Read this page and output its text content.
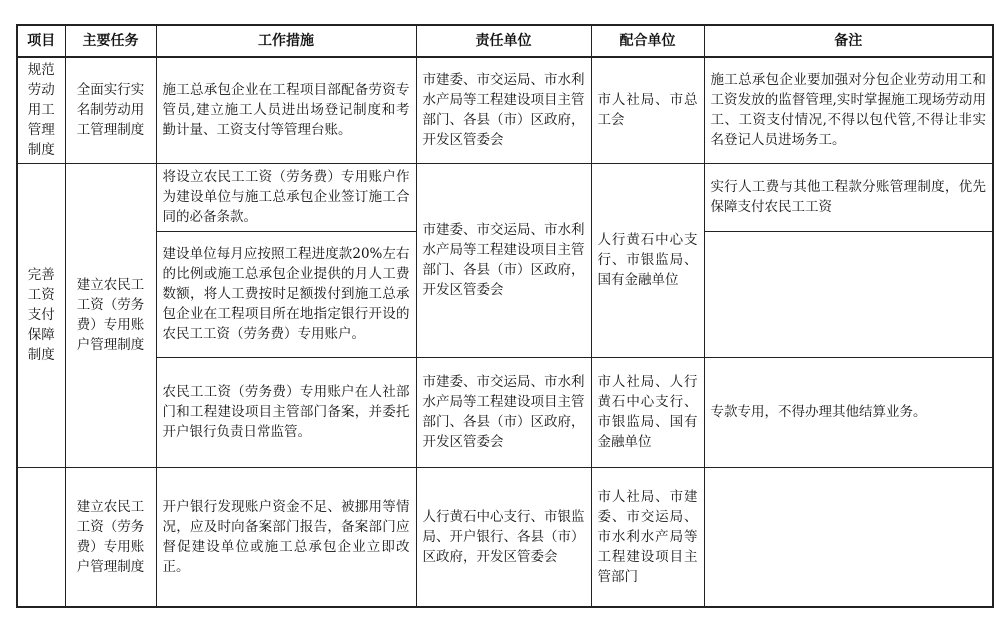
项目	主要任务	工作措施	责任单位	配合单位	备注
规范劳动用工管理制度	全面实行实名制劳动用工管理制度	施工总承包企业在工程项目部配备劳资专管员,建立施工人员进出场登记制度和考勤计量、工资支付等管理台账。	市建委、市交运局、市水利水产局等工程建设项目主管部门、各县（市）区政府，开发区管委会	市人社局、市总工会	施工总承包企业要加强对分包企业劳动用工和工资发放的监督管理,实时掌握施工现场劳动用工、工资支付情况,不得以包代管,不得让非实名登记人员进场务工。
完善工资支付保障制度	建立农民工工资（劳务费）专用账户管理制度	将设立农民工工资（劳务费）专用账户作为建设单位与施工总承包企业签订施工合同的必备条款。	市建委、市交运局、市水利水产局等工程建设项目主管部门、各县（市）区政府，开发区管委会	人行黄石中心支行、市银监局、国有金融单位	实行人工费与其他工程款分账管理制度，优先保障支付农民工工资
		建设单位每月应按照工程进度款20%左右的比例或施工总承包企业提供的月人工费数额，将人工费按时足额拨付到施工总承包企业在工程项目所在地指定银行开设的农民工工资（劳务费）专用账户。			
		农民工工资（劳务费）专用账户在人社部门和工程建设项目主管部门备案，并委托开户银行负责日常监管。	市建委、市交运局、市水利水产局等工程建设项目主管部门、各县（市）区政府，开发区管委会	市人社局、人行黄石中心支行、市银监局、国有金融单位	专款专用，不得办理其他结算业务。
	建立农民工工资（劳务费）专用账户管理制度	开户银行发现账户资金不足、被挪用等情况，应及时向备案部门报告，备案部门应督促建设单位或施工总承包企业立即改正。	人行黄石中心支行、市银监局、开户银行、各县（市）区政府，开发区管委会	市人社局、市建委、市交运局、市水利水产局等工程建设项目主管部门	
